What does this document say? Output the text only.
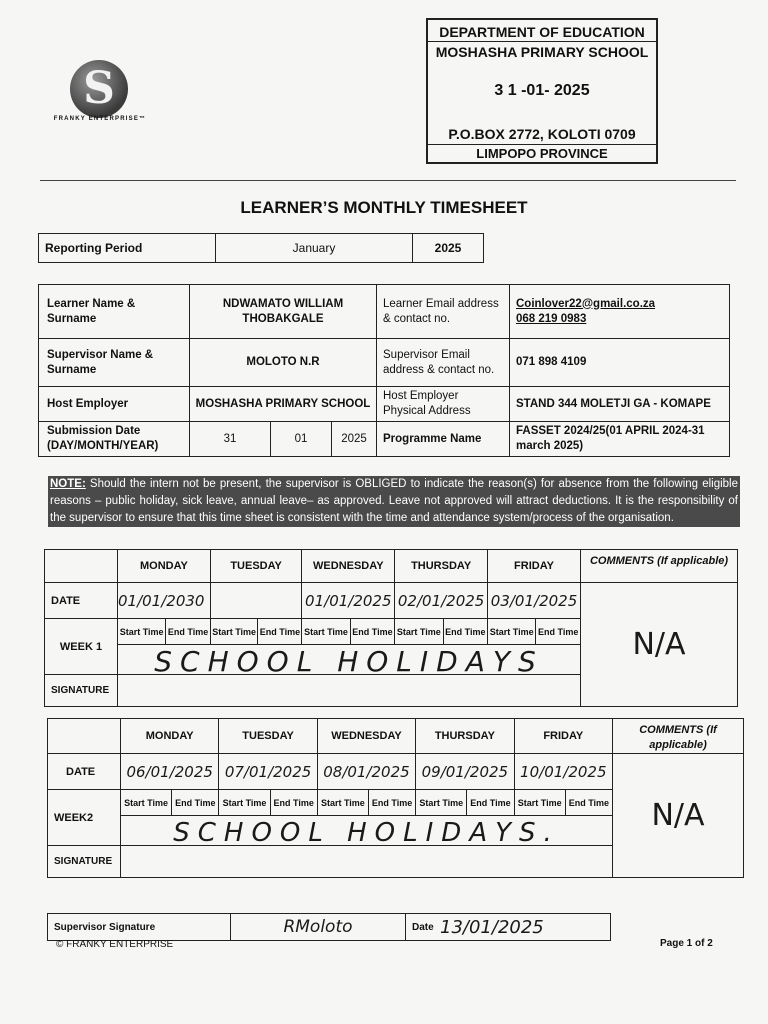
S
FRANKY ENTERPRISE™
DEPARTMENT OF EDUCATION
MOSHASHA PRIMARY SCHOOL
3 1 -01- 2025
P.O.BOX 2772, KOLOTI 0709
LIMPOPO PROVINCE
LEARNER’S MONTHLY TIMESHEET
Reporting Period	January	2025
Learner Name & Surname	NDWAMATO WILLIAM THOBAKGALE			Learner Email address & contact no.	Coinlover22@gmail.co.za
068 219 0983

Supervisor Name & Surname	MOLOTO N.R			Supervisor Email address & contact no.	071 898 4109
Host Employer	MOSHASHA PRIMARY SCHOOL			Host Employer Physical Address	STAND 344 MOLETJI GA - KOMAPE
Submission Date (DAY/MONTH/YEAR)	31	01	2025	Programme Name	FASSET 2024/25(01 APRIL 2024-31 march 2025)
NOTE: Should the intern not be present, the supervisor is OBLIGED to indicate the reason(s) for absence from the following eligible reasons – public holiday, sick leave, annual leave– as approved. Leave not approved will attract deductions. It is the responsibility of the supervisor to ensure that this time sheet is consistent with the time and attendance system/process of the organisation.
	MONDAY		TUESDAY		WEDNESDAY		THURSDAY		FRIDAY		COMMENTS (If applicable)
DATE	01/01/2030				01/01/2025		02/01/2025		03/01/2025		N/A
WEEK 1	Start Time	End Time	Start Time	End Time	Start Time	End Time	Start Time	End Time	Start Time	End Time	
	SCHOOL HOLIDAYS										
SIGNATURE											
	MONDAY		TUESDAY		WEDNESDAY		THURSDAY		FRIDAY		COMMENTS (If applicable)
DATE	06/01/2025		07/01/2025		08/01/2025		09/01/2025		10/01/2025		N/A
WEEK2	Start Time	End Time	Start Time	End Time	Start Time	End Time	Start Time	End Time	Start Time	End Time	
	SCHOOL HOLIDAYS.										
SIGNATURE											
Supervisor Signature	RMoloto	Date	13/01/2025
© FRANKY ENTERPRISE	Page 1 of 2
